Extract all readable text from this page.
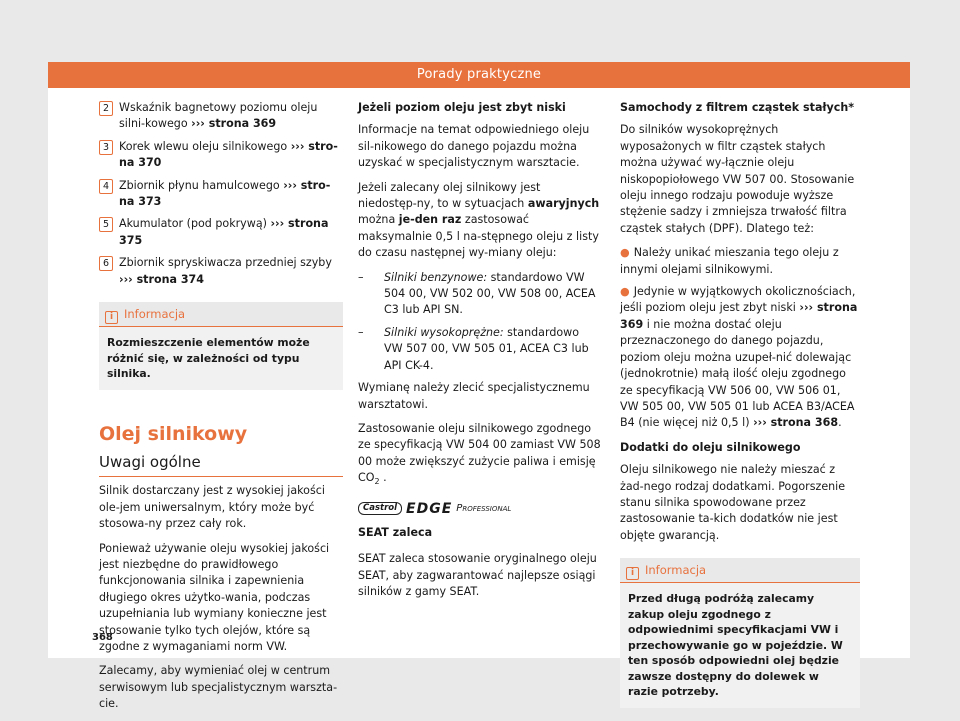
Porady praktyczne
2 Wskaźnik bagnetowy poziomu oleju silni-kowego ››› strona 369
3 Korek wlewu oleju silnikowego ››› stro-na 370
4 Zbiornik płynu hamulcowego ››› stro-na 373
5 Akumulator (pod pokrywą) ››› strona 375
6 Zbiornik spryskiwacza przedniej szyby ››› strona 374
i Informacja
Rozmieszczenie elementów może różnić się, w zależności od typu silnika.
Olej silnikowy
Uwagi ogólne

Silnik dostarczany jest z wysokiej jakości ole-jem uniwersalnym, który może być stosowa-ny przez cały rok.

Ponieważ używanie oleju wysokiej jakości jest niezbędne do prawidłowego funkcjonowania silnika i zapewnienia długiego okres użytko-wania, podczas uzupełniania lub wymiany konieczne jest stosowanie tylko tych olejów, które są zgodne z wymaganiami norm VW.

Zalecamy, aby wymieniać olej w centrum serwisowym lub specjalistycznym warszta-cie.

Jeżeli poziom oleju jest zbyt niski

Informacje na temat odpowiedniego oleju sil-nikowego do danego pojazdu można uzyskać w specjalistycznym warsztacie.

Jeżeli zalecany olej silnikowy jest niedostęp-ny, to w sytuacjach awaryjnych można je-den raz zastosować maksymalnie 0,5 l na-stępnego oleju z listy do czasu następnej wy-miany oleju:

– Silniki benzynowe: standardowo VW 504 00, VW 502 00, VW 508 00, ACEA C3 lub API SN.
– Silniki wysokoprężne: standardowo VW 507 00, VW 505 01, ACEA C3 lub API CK-4.

Wymianę należy zlecić specjalistycznemu warsztatowi.

Zastosowanie oleju silnikowego zgodnego ze specyfikacją VW 504 00 zamiast VW 508 00 może zwiększyć zużycie paliwa i emisję $CO_2$ .

Castrol EDGE Professional
SEAT zaleca

SEAT zaleca stosowanie oryginalnego oleju SEAT, aby zagwarantować najlepsze osiągi silników z gamy SEAT.

Samochody z filtrem cząstek stałych*

Do silników wysokoprężnych wyposażonych w filtr cząstek stałych można używać wy-łącznie oleju niskopopiołowego VW 507 00. Stosowanie oleju innego rodzaju powoduje wyższe stężenie sadzy i zmniejsza trwałość filtra cząstek stałych (DPF). Dlatego też:

● Należy unikać mieszania tego oleju z innymi olejami silnikowymi.
● Jedynie w wyjątkowych okolicznościach, jeśli poziom oleju jest zbyt niski ››› strona 369 i nie można dostać oleju przeznaczonego do danego pojazdu, poziom oleju można uzupeł-nić dolewając (jednokrotnie) małą ilość oleju zgodnego ze specyfikacją VW 506 00, VW 506 01, VW 505 00, VW 505 01 lub ACEA B3/ACEA B4 (nie więcej niż 0,5 l) ››› strona 368.
Dodatki do oleju silnikowego

Oleju silnikowego nie należy mieszać z żad-nego rodzaj dodatkami. Pogorszenie stanu silnika spowodowane przez zastosowanie ta-kich dodatków nie jest objęte gwarancją.

i Informacja
Przed długą podróżą zalecamy zakup oleju zgodnego z odpowiednimi specyfikacjami VW i przechowywanie go w pojeździe. W ten sposób odpowiedni olej będzie zawsze dostępny do dolewek w razie potrzeby.
368
